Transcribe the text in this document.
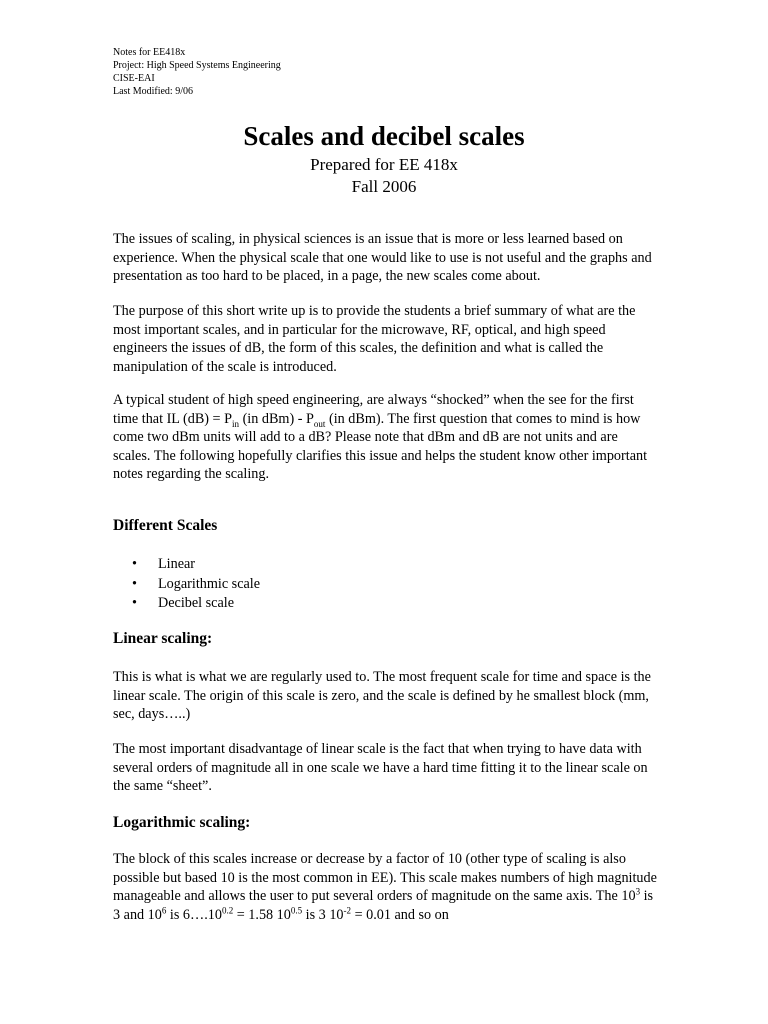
Notes for EE418x
Project: High Speed Systems Engineering
CISE-EAI
Last Modified: 9/06
Scales and decibel scales
Prepared for EE 418x
Fall 2006

The issues of scaling, in physical sciences is an issue that is more or less learned based on experience. When the physical scale that one would like to use is not useful and the graphs and presentation as too hard to be placed, in a page, the new scales come about.

The purpose of this short write up is to provide the students a brief summary of what are the most important scales, and in particular for the microwave, RF, optical, and high speed engineers the issues of dB, the form of this scales, the definition and what is called the manipulation of the scale is introduced.

A typical student of high speed engineering, are always “shocked” when the see for the first time that IL $(dB) = P_{in}$ (in $dBm) - P_{out}$ (in dBm). The first question that comes to mind is how come two dBm units will add to a dB? Please note that dBm and dB are not units and are scales. The following hopefully clarifies this issue and helps the student know other important notes regarding the scaling.

Different Scales
• Linear
• Logarithmic scale
• Decibel scale
Linear scaling:

This is what is what we are regularly used to. The most frequent scale for time and space is the linear scale. The origin of this scale is zero, and the scale is defined by he smallest block (mm, sec, days…..)

The most important disadvantage of linear scale is the fact that when trying to have data with several orders of magnitude all in one scale we have a hard time fitting it to the linear scale on the same “sheet”.

Logarithmic scaling:

The block of this scales increase or decrease by a factor of 10 (other type of scaling is also possible but based 10 is the most common in EE). This scale makes numbers of high magnitude manageable and allows the user to put several orders of magnitude on the same axis. The $10^3$ is 3 and $10^6$ is $6\dots.10^{0.2} = 1.58$ $10^{0.5}$ is 3 $10^{-2} = 0.01$ and so on
